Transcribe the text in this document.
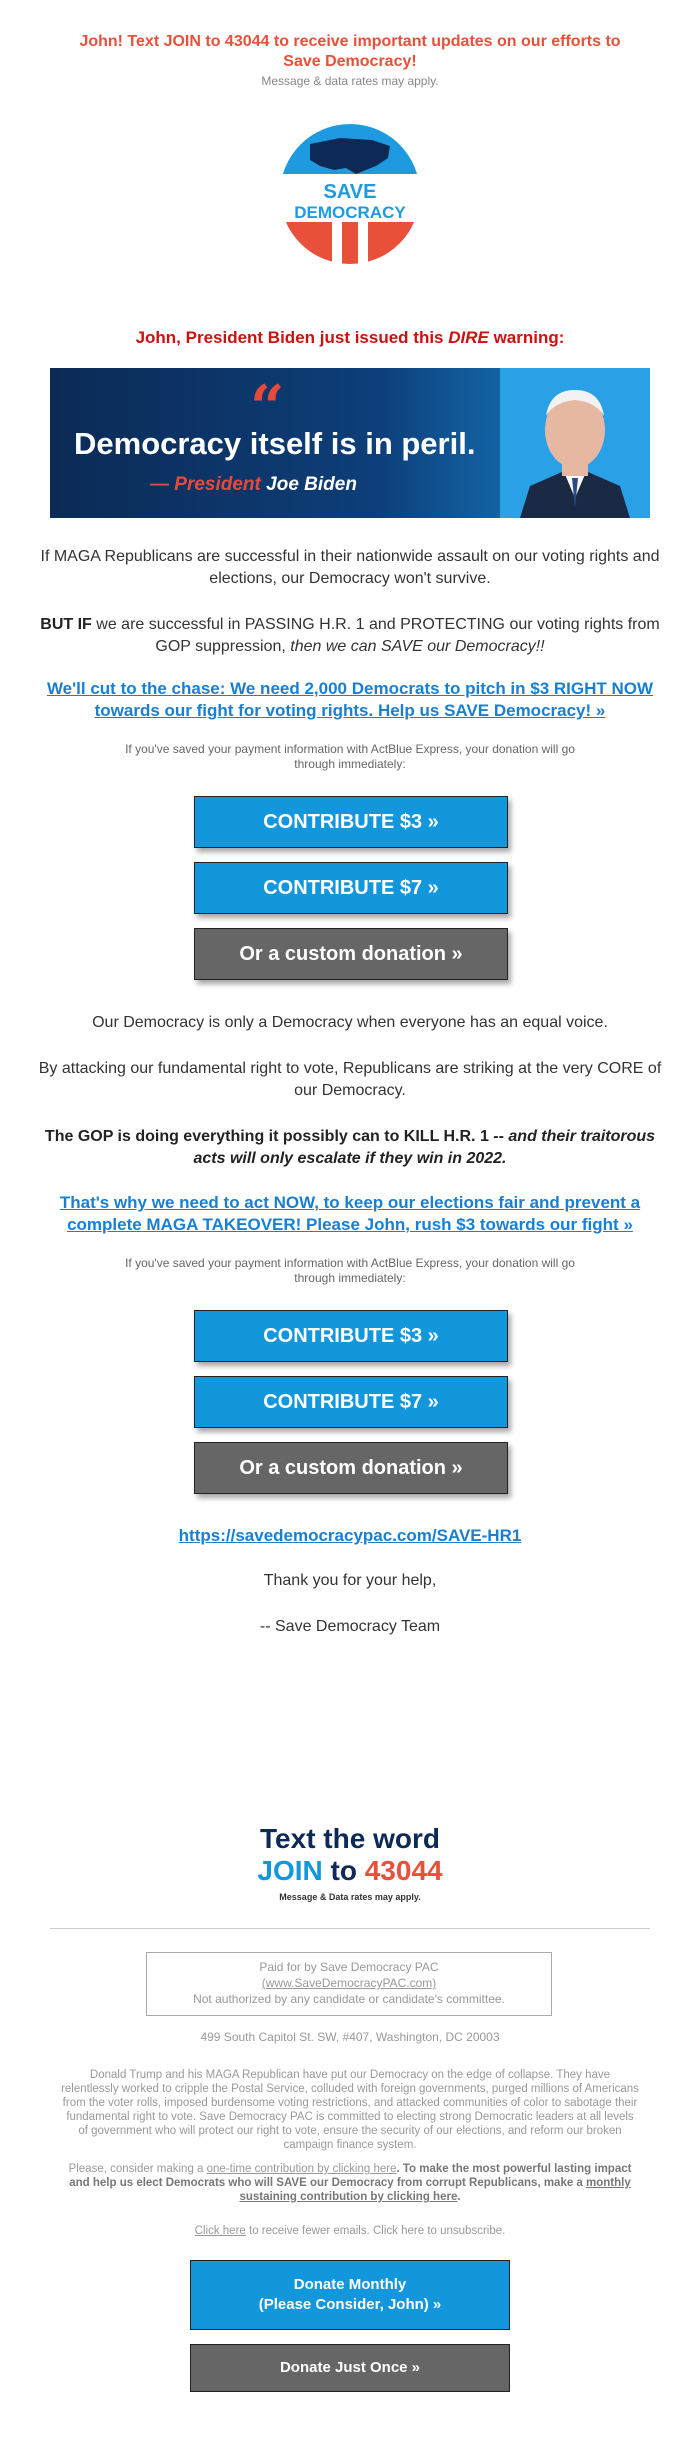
John! Text JOIN to 43044 to receive important updates on our efforts to Save Democracy!
Message & data rates may apply.
SAVE
DEMOCRACY
John, President Biden just issued this DIRE warning:
“
Democracy itself is in peril.
— President Joe Biden
If MAGA Republicans are successful in their nationwide assault on our voting rights and elections, our Democracy won't survive.
BUT IF we are successful in PASSING H.R. 1 and PROTECTING our voting rights from GOP suppression, then we can SAVE our Democracy!!
We'll cut to the chase: We need 2,000 Democrats to pitch in $3 RIGHT NOW towards our fight for voting rights. Help us SAVE Democracy! »
If you've saved your payment information with ActBlue Express, your donation will go through immediately:
CONTRIBUTE $3 »
CONTRIBUTE $7 »
Or a custom donation »
Our Democracy is only a Democracy when everyone has an equal voice.
By attacking our fundamental right to vote, Republicans are striking at the very CORE of our Democracy.
The GOP is doing everything it possibly can to KILL H.R. 1 -- and their traitorous acts will only escalate if they win in 2022.
That's why we need to act NOW, to keep our elections fair and prevent a complete MAGA TAKEOVER! Please John, rush $3 towards our fight »
If you've saved your payment information with ActBlue Express, your donation will go through immediately:
CONTRIBUTE $3 »
CONTRIBUTE $7 »
Or a custom donation »
https://savedemocracypac.com/SAVE-HR1
Thank you for your help,
-- Save Democracy Team
Text the word
JOIN to 43044
Message & Data rates may apply.
Paid for by Save Democracy PAC
(www.SaveDemocracyPAC.com)
Not authorized by any candidate or candidate's committee.
499 South Capitol St. SW, #407, Washington, DC 20003
Donald Trump and his MAGA Republican have put our Democracy on the edge of collapse. They have relentlessly worked to cripple the Postal Service, colluded with foreign governments, purged millions of Americans from the voter rolls, imposed burdensome voting restrictions, and attacked communities of color to sabotage their fundamental right to vote. Save Democracy PAC is committed to electing strong Democratic leaders at all levels of government who will protect our right to vote, ensure the security of our elections, and reform our broken campaign finance system.
Please, consider making a one-time contribution by clicking here. To make the most powerful lasting impact and help us elect Democrats who will SAVE our Democracy from corrupt Republicans, make a monthly sustaining contribution by clicking here.
Click here to receive fewer emails. Click here to unsubscribe.
Donate Monthly
(Please Consider, John) »
Donate Just Once »
